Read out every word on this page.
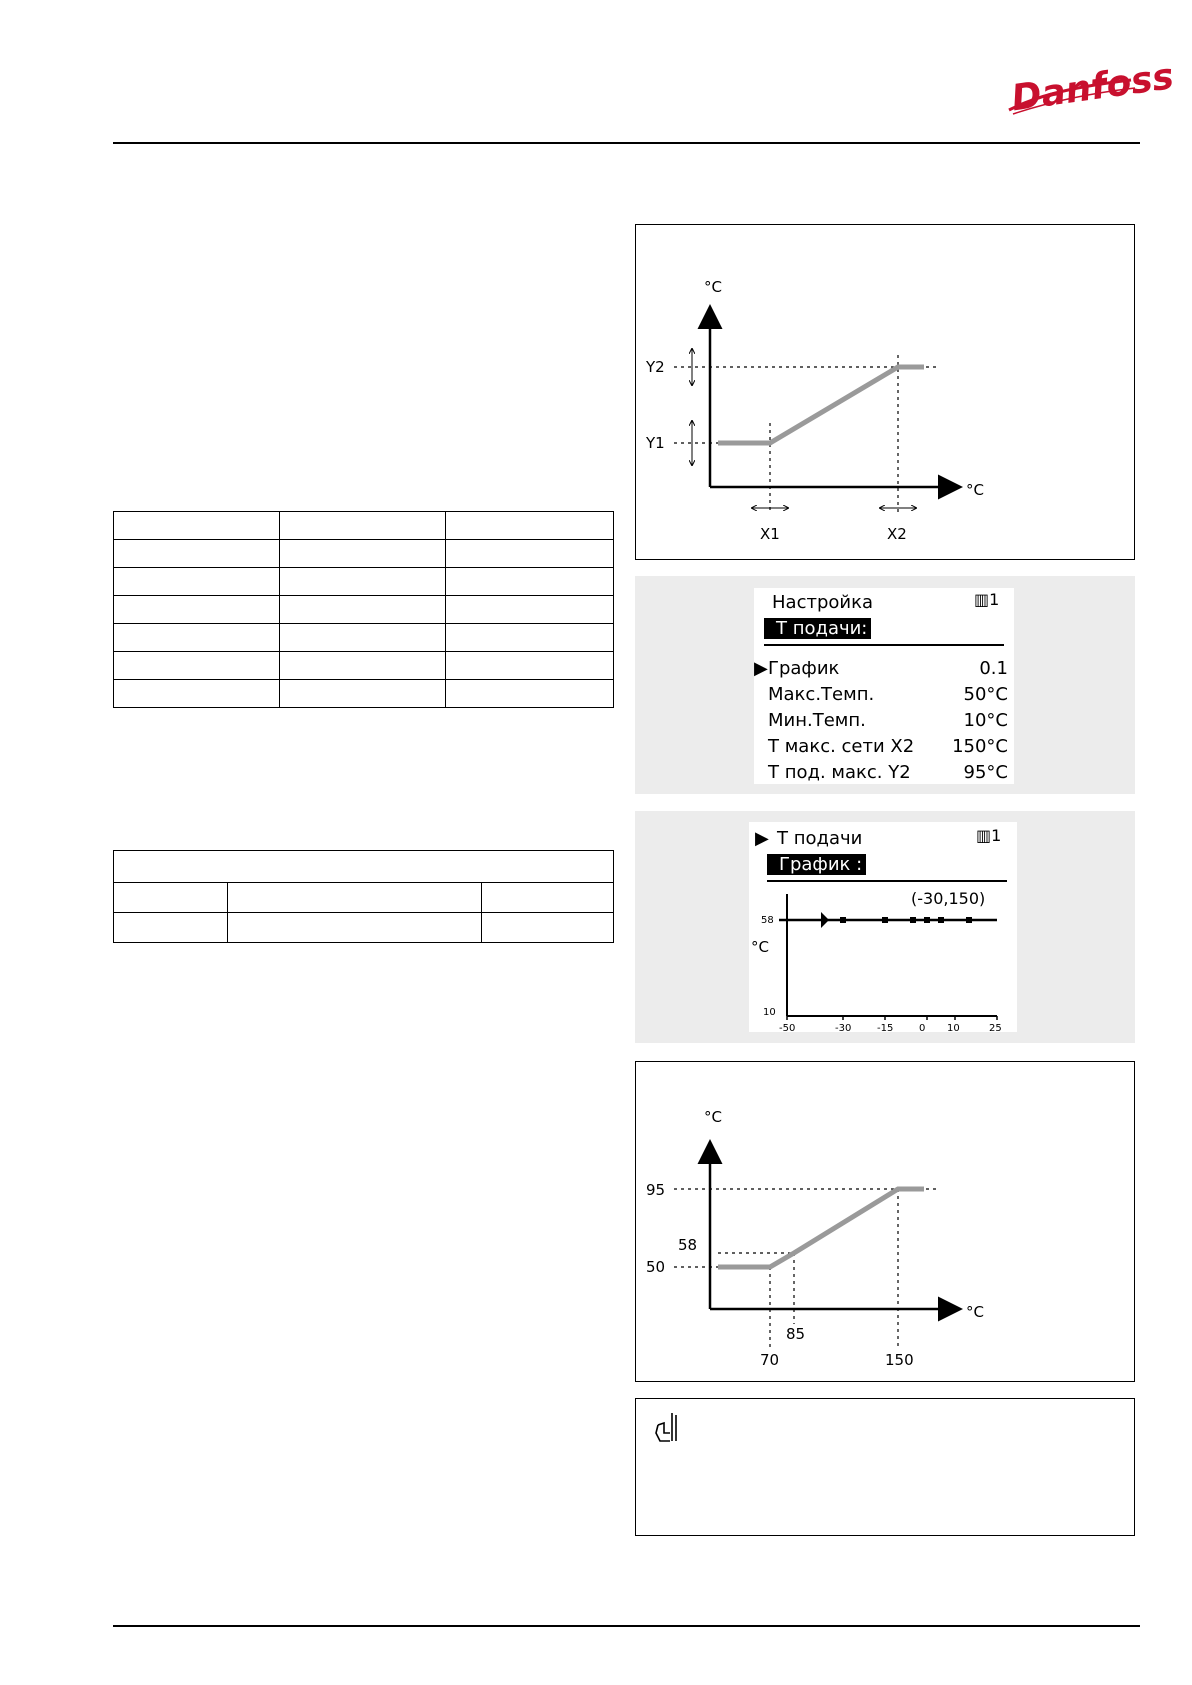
Danfoss

°C
°C
Y2
Y1
X1	X2
Настройка	▥1
Т подачи:
▶ График	0.1
Макс.Темп.	50°C
Мин.Темп.	10°C
Т макс. сети X2 150°C
Т под. макс. Y2	95°C
▶ Т подачи	▥1
График :
(-30,150)
58
10
°C
-50	-30	-15	0 10	25
°C
°C
95
58
50
85
70	150
